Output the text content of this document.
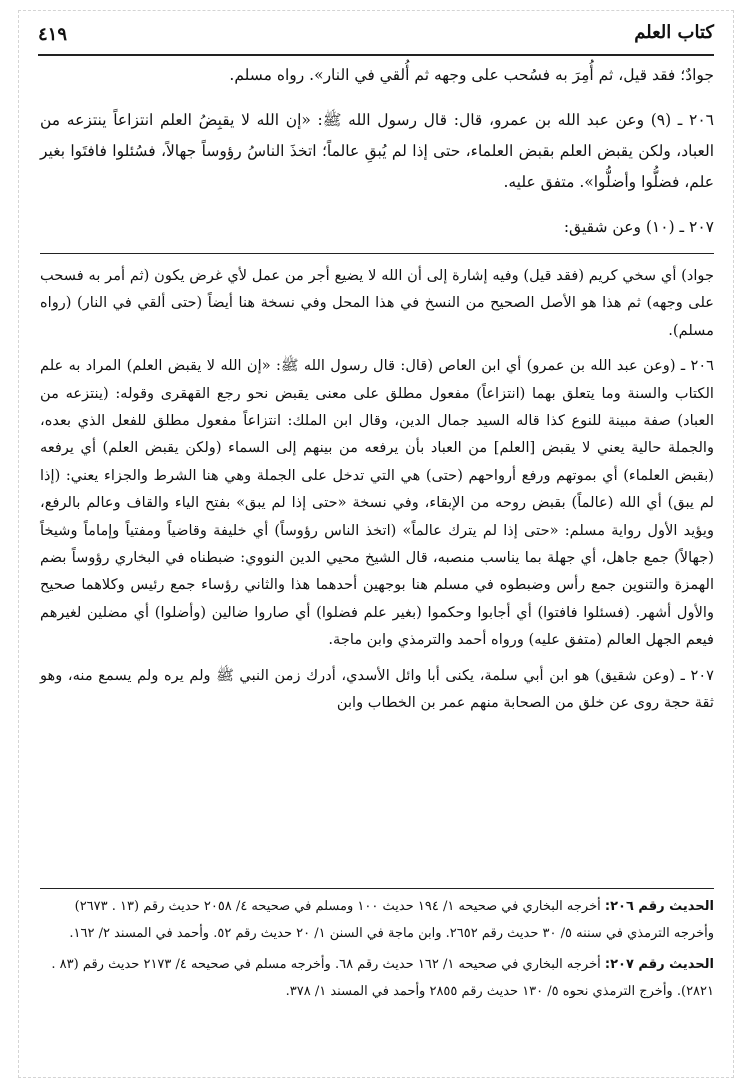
كتاب العلم
٤١٩

جوادٌ؛ فقد قيل، ثم أُمِرَ به فسُحب على وجهه ثم أُلقي في النار». رواه مسلم.

٢٠٦ ـ (٩) وعن عبد الله بن عمرو، قال: قال رسول الله ﷺ: «إن الله لا يقبِضُ العلم انتزاعاً ينتزعه من العباد، ولكن يقبض العلم بقبض العلماء، حتى إذا لم يُبقِ عالماً؛ اتخذَ الناسُ رؤوساً جهالاً، فسُئلوا فافتَوا بغير علم، فضلُّوا وأضلُّوا». متفق عليه.

٢٠٧ ـ (١٠) وعن شقيق:

جواد) أي سخي كريم (فقد قيل) وفيه إشارة إلى أن الله لا يضيع أجر من عمل لأي غرض يكون (ثم أمر به فسحب على وجهه) ثم هذا هو الأصل الصحيح من النسخ في هذا المحل وفي نسخة هنا أيضاً (حتى ألقي في النار) (رواه مسلم).

٢٠٦ ـ (وعن عبد الله بن عمرو) أي ابن العاص (قال: قال رسول الله ﷺ: «إن الله لا يقبض العلم) المراد به علم الكتاب والسنة وما يتعلق بهما (انتزاعاً) مفعول مطلق على معنى يقبض نحو رجع القهقرى وقوله: (ينتزعه من العباد) صفة مبينة للنوع كذا قاله السيد جمال الدين، وقال ابن الملك: انتزاعاً مفعول مطلق للفعل الذي بعده، والجملة حالية يعني لا يقبض [العلم] من العباد بأن يرفعه من بينهم إلى السماء (ولكن يقبض العلم) أي يرفعه (بقبض العلماء) أي بموتهم ورفع أرواحهم (حتى) هي التي تدخل على الجملة وهي هنا الشرط والجزاء يعني: (إذا لم يبق) أي الله (عالماً) بقبض روحه من الإبقاء، وفي نسخة «حتى إذا لم يبق» بفتح الياء والقاف وعالم بالرفع، ويؤيد الأول رواية مسلم: «حتى إذا لم يترك عالماً» (اتخذ الناس رؤوساً) أي خليفة وقاضياً ومفتياً وإماماً وشيخاً (جهالاً) جمع جاهل، أي جهلة بما يناسب منصبه، قال الشيخ محيي الدين النووي: ضبطناه في البخاري رؤوساً بضم الهمزة والتنوين جمع رأس وضبطوه في مسلم هنا بوجهين أحدهما هذا والثاني رؤساء جمع رئيس وكلاهما صحيح والأول أشهر. (فسئلوا فافتوا) أي أجابوا وحكموا (بغير علم فضلوا) أي صاروا ضالين (وأضلوا) أي مضلين لغيرهم فيعم الجهل العالم (متفق عليه) ورواه أحمد والترمذي وابن ماجة.

٢٠٧ ـ (وعن شقيق) هو ابن أبي سلمة، يكنى أبا وائل الأسدي، أدرك زمن النبي ﷺ ولم يره ولم يسمع منه، وهو ثقة حجة روى عن خلق من الصحابة منهم عمر بن الخطاب وابن

الحديث رقم ٢٠٦: أخرجه البخاري في صحيحه ١/ ١٩٤ حديث ١٠٠ ومسلم في صحيحه ٤/ ٢٠٥٨ حديث رقم (١٣ . ٢٦٧٣) وأخرجه الترمذي في سننه ٥/ ٣٠ حديث رقم ٢٦٥٢. وابن ماجة في السنن ١/ ٢٠ حديث رقم ٥٢. وأحمد في المسند ٢/ ١٦٢.

الحديث رقم ٢٠٧: أخرجه البخاري في صحيحه ١/ ١٦٢ حديث رقم ٦٨. وأخرجه مسلم في صحيحه ٤/ ٢١٧٣ حديث رقم (٨٣ . ٢٨٢١). وأخرج الترمذي نحوه ٥/ ١٣٠ حديث رقم ٢٨٥٥ وأحمد في المسند ١/ ٣٧٨.
